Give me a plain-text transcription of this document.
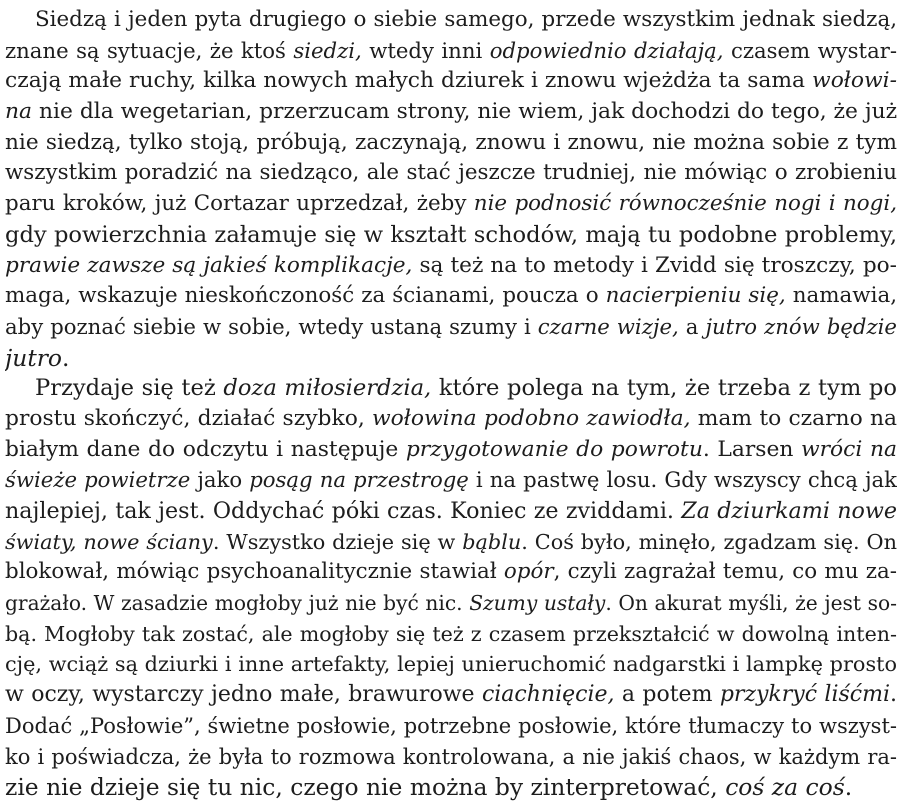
Siedzą i jeden pyta drugiego o siebie samego, przede wszystkim jednak siedzą,
znane są sytuacje, że ktoś siedzi, wtedy inni odpowiednio działają, czasem wystar-
czają małe ruchy, kilka nowych małych dziurek i znowu wjeżdża ta sama wołowi-
na nie dla wegetarian, przerzucam strony, nie wiem, jak dochodzi do tego, że już
nie siedzą, tylko stoją, próbują, zaczynają, znowu i znowu, nie można sobie z tym
wszystkim poradzić na siedząco, ale stać jeszcze trudniej, nie mówiąc o zrobieniu
paru kroków, już Cortazar uprzedzał, żeby nie podnosić równocześnie nogi i nogi,
gdy powierzchnia załamuje się w kształt schodów, mają tu podobne problemy,
prawie zawsze są jakieś komplikacje, są też na to metody i Zvidd się troszczy, po-
maga, wskazuje nieskończoność za ścianami, poucza o nacierpieniu się, namawia,
aby poznać siebie w sobie, wtedy ustaną szumy i czarne wizje, a jutro znów będzie
jutro.
Przydaje się też doza miłosierdzia, które polega na tym, że trzeba z tym po
prostu skończyć, działać szybko, wołowina podobno zawiodła, mam to czarno na
białym dane do odczytu i następuje przygotowanie do powrotu. Larsen wróci na
świeże powietrze jako posąg na przestrogę i na pastwę losu. Gdy wszyscy chcą jak
najlepiej, tak jest. Oddychać póki czas. Koniec ze zviddami. Za dziurkami nowe
światy, nowe ściany. Wszystko dzieje się w bąblu. Coś było, minęło, zgadzam się. On
blokował, mówiąc psychoanalitycznie stawiał opór, czyli zagrażał temu, co mu za-
grażało. W zasadzie mogłoby już nie być nic. Szumy ustały. On akurat myśli, że jest so-
bą. Mogłoby tak zostać, ale mogłoby się też z czasem przekształcić w dowolną inten-
cję, wciąż są dziurki i inne artefakty, lepiej unieruchomić nadgarstki i lampkę prosto
w oczy, wystarczy jedno małe, brawurowe ciachnięcie, a potem przykryć liśćmi.
Dodać „Posłowie”, świetne posłowie, potrzebne posłowie, które tłumaczy to wszyst-
ko i poświadcza, że była to rozmowa kontrolowana, a nie jakiś chaos, w każdym ra-
zie nie dzieje się tu nic, czego nie można by zinterpretować, coś za coś.
